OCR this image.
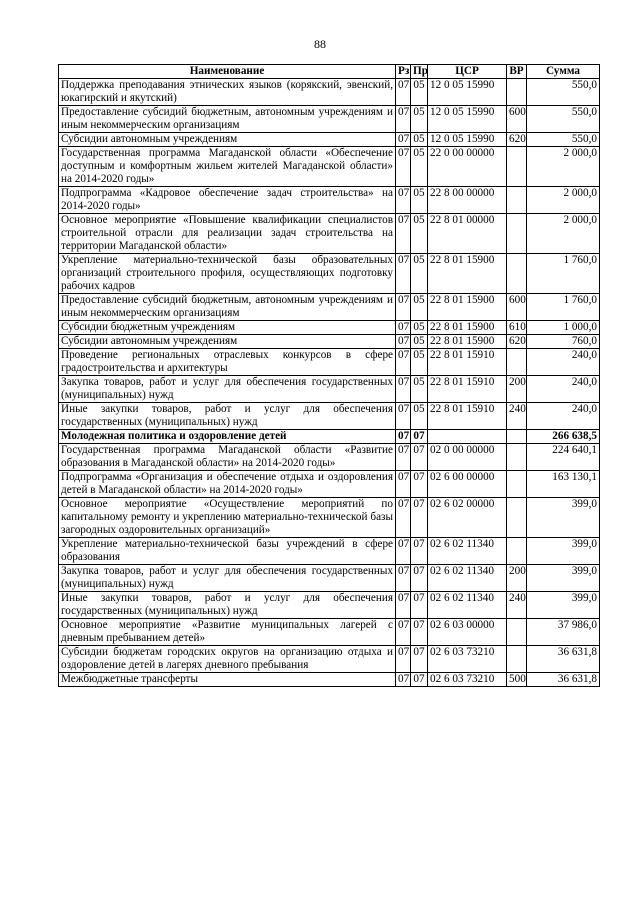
88
Наименование	Рз	Пр	ЦСР	ВР	Сумма
Поддержка преподавания этнических языков (корякский, эвенский, юкагирский и якутский)	07	05	12 0 05 15990		550,0
Предоставление субсидий бюджетным, автономным учреждениям и иным некоммерческим организациям	07	05	12 0 05 15990	600	550,0
Субсидии автономным учреждениям	07	05	12 0 05 15990	620	550,0
Государственная программа Магаданской области «Обеспечение доступным и комфортным жильем жителей Магаданской области» на 2014-2020 годы»	07	05	22 0 00 00000		2 000,0
Подпрограмма «Кадровое обеспечение задач строительства» на 2014-2020 годы»	07	05	22 8 00 00000		2 000,0
Основное мероприятие «Повышение квалификации специалистов строительной отрасли для реализации задач строительства на территории Магаданской области»	07	05	22 8 01 00000		2 000,0
Укрепление материально-технической базы образовательных организаций строительного профиля, осуществляющих подготовку рабочих кадров	07	05	22 8 01 15900		1 760,0
Предоставление субсидий бюджетным, автономным учреждениям и иным некоммерческим организациям	07	05	22 8 01 15900	600	1 760,0
Субсидии бюджетным учреждениям	07	05	22 8 01 15900	610	1 000,0
Субсидии автономным учреждениям	07	05	22 8 01 15900	620	760,0
Проведение региональных отраслевых конкурсов в сфере градостроительства и архитектуры	07	05	22 8 01 15910		240,0
Закупка товаров, работ и услуг для обеспечения государственных (муниципальных) нужд	07	05	22 8 01 15910	200	240,0
Иные закупки товаров, работ и услуг для обеспечения государственных (муниципальных) нужд	07	05	22 8 01 15910	240	240,0
Молодежная политика и оздоровление детей	07	07			266 638,5
Государственная программа Магаданской области «Развитие образования в Магаданской области» на 2014-2020 годы»	07	07	02 0 00 00000		224 640,1
Подпрограмма «Организация и обеспечение отдыха и оздоровления детей в Магаданской области» на 2014-2020 годы»	07	07	02 6 00 00000		163 130,1
Основное мероприятие «Осуществление мероприятий по капитальному ремонту и укреплению материально-технической базы загородных оздоровительных организаций»	07	07	02 6 02 00000		399,0
Укрепление материально-технической базы учреждений в сфере образования	07	07	02 6 02 11340		399,0
Закупка товаров, работ и услуг для обеспечения государственных (муниципальных) нужд	07	07	02 6 02 11340	200	399,0
Иные закупки товаров, работ и услуг для обеспечения государственных (муниципальных) нужд	07	07	02 6 02 11340	240	399,0
Основное мероприятие «Развитие муниципальных лагерей с дневным пребыванием детей»	07	07	02 6 03 00000		37 986,0
Субсидии бюджетам городских округов на организацию отдыха и оздоровление детей в лагерях дневного пребывания	07	07	02 6 03 73210		36 631,8
Межбюджетные трансферты	07	07	02 6 03 73210	500	36 631,8
